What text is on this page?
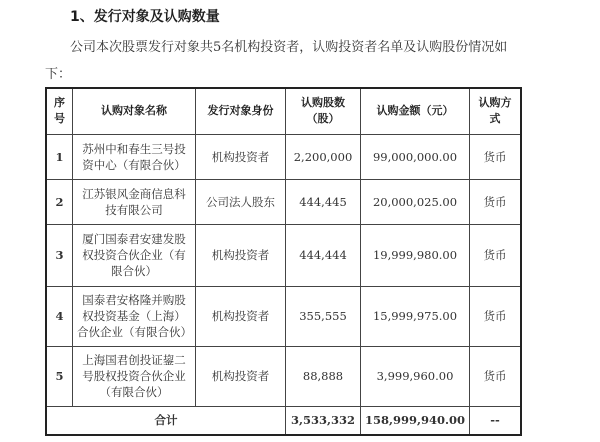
1、发行对象及认购数量
公司本次股票发行对象共5名机构投资者，认购投资者名单及认购股份情况如
下：
序号	认购对象名称	发行对象身份	认购股数（股）	认购金额（元）	认购方式
1	苏州中和春生三号投资中心（有限合伙）	机构投资者	2,200,000	99,000,000.00	货币
2	江苏银风金商信息科技有限公司	公司法人股东	444,445	20,000,025.00	货币
3	厦门国泰君安建发股权投资合伙企业（有限合伙）	机构投资者	444,444	19,999,980.00	货币
4	国泰君安格隆并购股权投资基金（上海）合伙企业（有限合伙）	机构投资者	355,555	15,999,975.00	货币
5	上海国君创投证鋆二号股权投资合伙企业（有限合伙）	机构投资者	88,888	3,999,960.00	货币
合计			3,533,332	158,999,940.00	--
